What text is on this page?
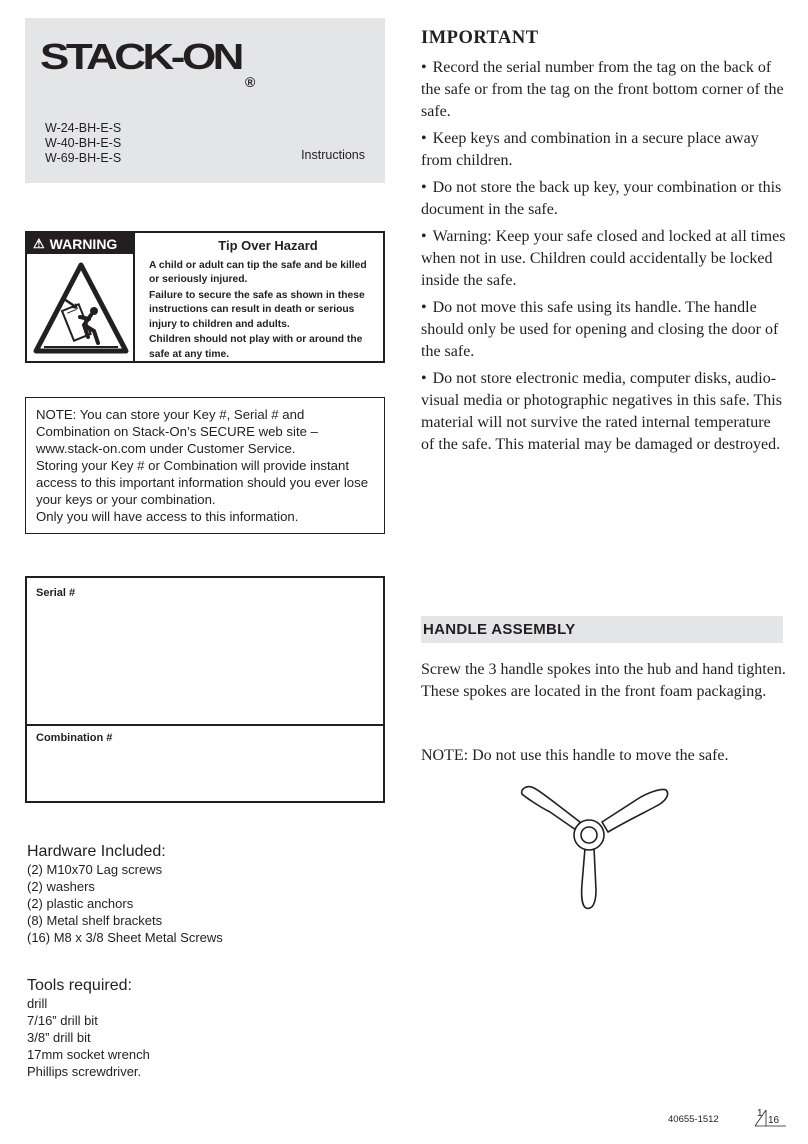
STACK-ON
®
W-24-BH-E-S
W-40-BH-E-S
W-69-BH-E-S	Instructions
⚠ WARNING	Tip Over Hazard
A child or adult can tip the safe and be killed or seriously injured.
Failure to secure the safe as shown in these instructions can result in death or serious injury to children and adults.
Children should not play with or around the safe at any time.
NOTE: You can store your Key #, Serial # and Combination on Stack-On’s SECURE web site – www.stack-on.com under Customer Service.
Storing your Key # or Combination will provide instant access to this important information should you ever lose your keys or your combination.
Only you will have access to this information.
Serial #
Combination #
Hardware Included:
(2) M10x70 Lag screws
(2) washers
(2) plastic anchors
(8) Metal shelf brackets
(16) M8 x 3/8 Sheet Metal Screws
Tools required:
drill
7/16” drill bit
3/8” drill bit
17mm socket wrench
Phillips screwdriver.
IMPORTANT
• Record the serial number from the tag on the back of the safe or from the tag on the front bottom corner of the safe.
• Keep keys and combination in a secure place away from children.
• Do not store the back up key, your combination or this document in the safe.
• Warning: Keep your safe closed and locked at all times when not in use. Children could accidentally be locked inside the safe.
• Do not move this safe using its handle. The handle should only be used for opening and closing the door of the safe.
• Do not store electronic media, computer disks, audio-visual media or photographic negatives in this safe. This material will not survive the rated internal temperature of the safe. This material may be damaged or destroyed.
HANDLE ASSEMBLY
Screw the 3 handle spokes into the hub and hand tighten. These spokes are located in the front foam packaging.
NOTE: Do not use this handle to move the safe.
40655-1512
1
16
